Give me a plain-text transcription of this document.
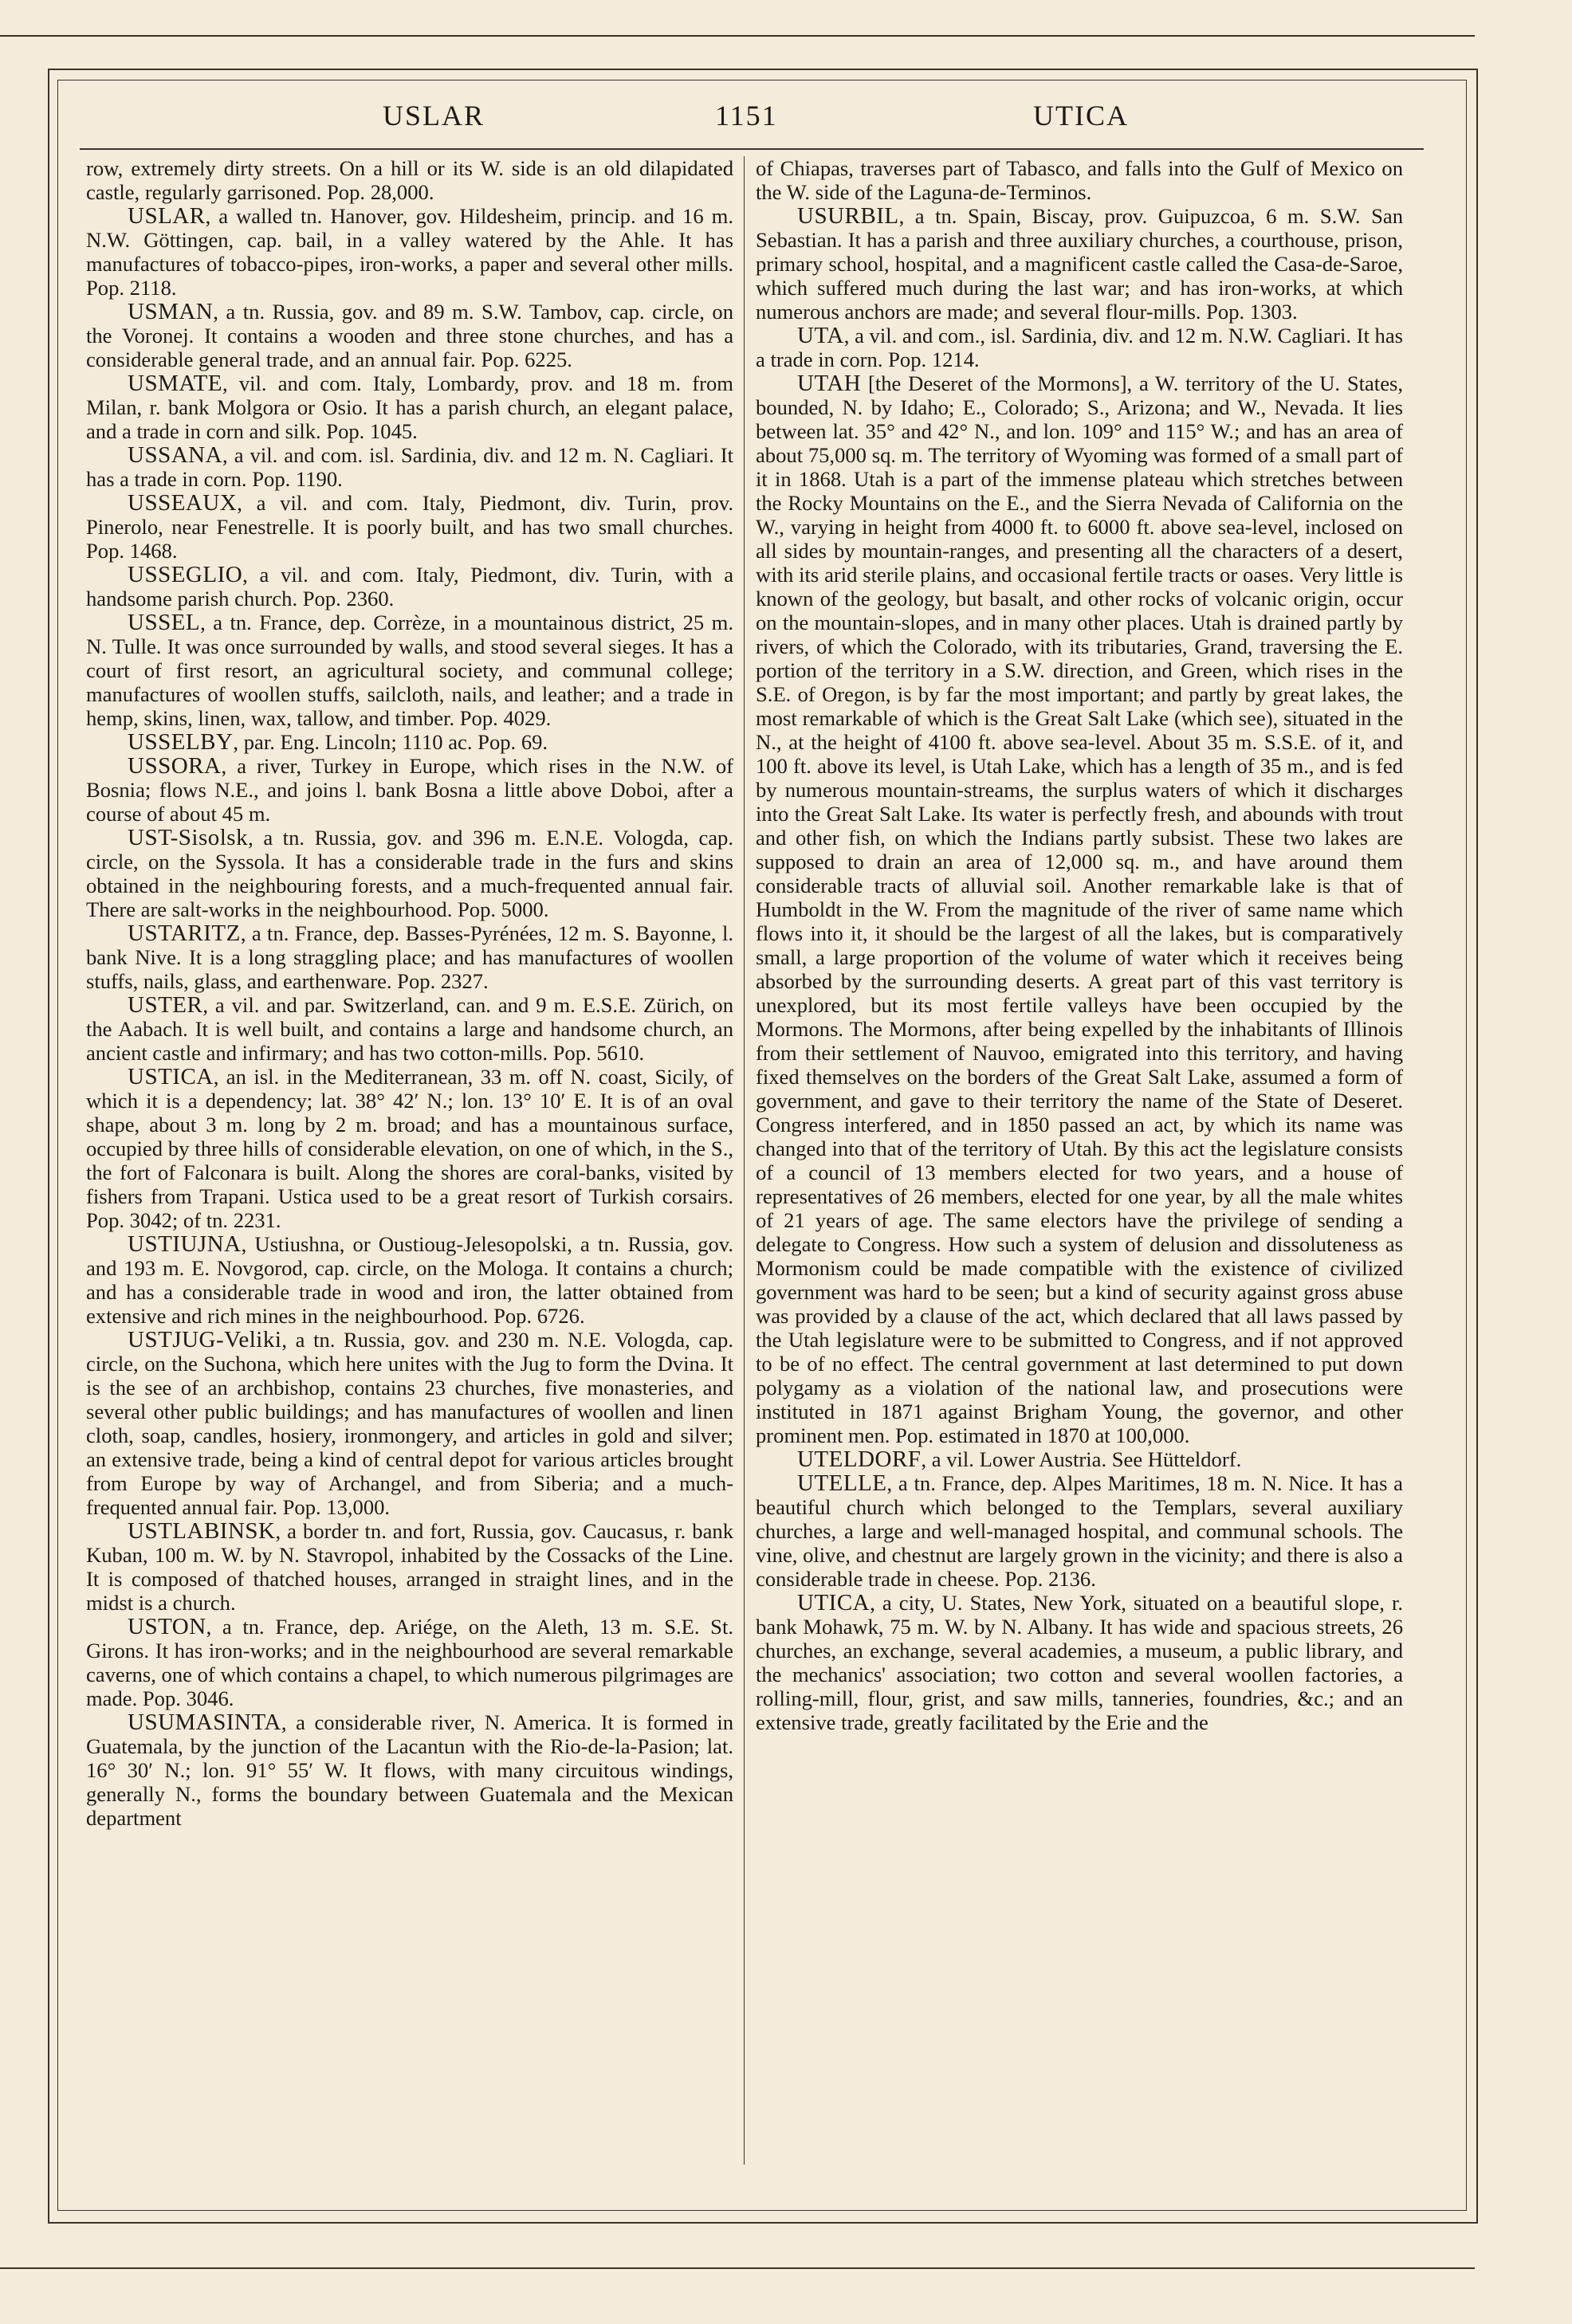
USLAR	1151	UTICA

row, extremely dirty streets. On a hill or its W. side is an old dilapidated castle, regularly garrisoned. Pop. 28,000.

USLAR, a walled tn. Hanover, gov. Hildesheim, princip. and 16 m. N.W. Göttingen, cap. bail, in a valley watered by the Ahle. It has manufactures of tobacco-pipes, iron-works, a paper and several other mills. Pop. 2118.

USMAN, a tn. Russia, gov. and 89 m. S.W. Tambov, cap. circle, on the Voronej. It contains a wooden and three stone churches, and has a considerable general trade, and an annual fair. Pop. 6225.

USMATE, vil. and com. Italy, Lombardy, prov. and 18 m. from Milan, r. bank Molgora or Osio. It has a parish church, an elegant palace, and a trade in corn and silk. Pop. 1045.

USSANA, a vil. and com. isl. Sardinia, div. and 12 m. N. Cagliari. It has a trade in corn. Pop. 1190.

USSEAUX, a vil. and com. Italy, Piedmont, div. Turin, prov. Pinerolo, near Fenestrelle. It is poorly built, and has two small churches. Pop. 1468.

USSEGLIO, a vil. and com. Italy, Piedmont, div. Turin, with a handsome parish church. Pop. 2360.

USSEL, a tn. France, dep. Corrèze, in a mountainous district, 25 m. N. Tulle. It was once surrounded by walls, and stood several sieges. It has a court of first resort, an agricultural society, and communal college; manufactures of woollen stuffs, sailcloth, nails, and leather; and a trade in hemp, skins, linen, wax, tallow, and timber. Pop. 4029.

USSELBY, par. Eng. Lincoln; 1110 ac. Pop. 69.

USSORA, a river, Turkey in Europe, which rises in the N.W. of Bosnia; flows N.E., and joins l. bank Bosna a little above Doboi, after a course of about 45 m.

UST-Sisolsk, a tn. Russia, gov. and 396 m. E.N.E. Vologda, cap. circle, on the Syssola. It has a considerable trade in the furs and skins obtained in the neighbouring forests, and a much-frequented annual fair. There are salt-works in the neighbourhood. Pop. 5000.

USTARITZ, a tn. France, dep. Basses-Pyrénées, 12 m. S. Bayonne, l. bank Nive. It is a long straggling place; and has manufactures of woollen stuffs, nails, glass, and earthenware. Pop. 2327.

USTER, a vil. and par. Switzerland, can. and 9 m. E.S.E. Zürich, on the Aabach. It is well built, and contains a large and handsome church, an ancient castle and infirmary; and has two cotton-mills. Pop. 5610.

USTICA, an isl. in the Mediterranean, 33 m. off N. coast, Sicily, of which it is a dependency; lat. 38° 42′ N.; lon. 13° 10′ E. It is of an oval shape, about 3 m. long by 2 m. broad; and has a mountainous surface, occupied by three hills of considerable elevation, on one of which, in the S., the fort of Falconara is built. Along the shores are coral-banks, visited by fishers from Trapani. Ustica used to be a great resort of Turkish corsairs. Pop. 3042; of tn. 2231.

USTIUJNA, Ustiushna, or Oustioug-Jelesopolski, a tn. Russia, gov. and 193 m. E. Novgorod, cap. circle, on the Mologa. It contains a church; and has a considerable trade in wood and iron, the latter obtained from extensive and rich mines in the neighbourhood. Pop. 6726.

USTJUG-Veliki, a tn. Russia, gov. and 230 m. N.E. Vologda, cap. circle, on the Suchona, which here unites with the Jug to form the Dvina. It is the see of an archbishop, contains 23 churches, five monasteries, and several other public buildings; and has manufactures of woollen and linen cloth, soap, candles, hosiery, ironmongery, and articles in gold and silver; an extensive trade, being a kind of central depot for various articles brought from Europe by way of Archangel, and from Siberia; and a much-frequented annual fair. Pop. 13,000.

USTLABINSK, a border tn. and fort, Russia, gov. Caucasus, r. bank Kuban, 100 m. W. by N. Stavropol, inhabited by the Cossacks of the Line. It is composed of thatched houses, arranged in straight lines, and in the midst is a church.

USTON, a tn. France, dep. Ariége, on the Aleth, 13 m. S.E. St. Girons. It has iron-works; and in the neighbourhood are several remarkable caverns, one of which contains a chapel, to which numerous pilgrimages are made. Pop. 3046.

USUMASINTA, a considerable river, N. America. It is formed in Guatemala, by the junction of the Lacantun with the Rio-de-la-Pasion; lat. 16° 30′ N.; lon. 91° 55′ W. It flows, with many circuitous windings, generally N., forms the boundary between Guatemala and the Mexican department

of Chiapas, traverses part of Tabasco, and falls into the Gulf of Mexico on the W. side of the Laguna-de-Terminos.

USURBIL, a tn. Spain, Biscay, prov. Guipuzcoa, 6 m. S.W. San Sebastian. It has a parish and three auxiliary churches, a courthouse, prison, primary school, hospital, and a magnificent castle called the Casa-de-Saroe, which suffered much during the last war; and has iron-works, at which numerous anchors are made; and several flour-mills. Pop. 1303.

UTA, a vil. and com., isl. Sardinia, div. and 12 m. N.W. Cagliari. It has a trade in corn. Pop. 1214.

UTAH [the Deseret of the Mormons], a W. territory of the U. States, bounded, N. by Idaho; E., Colorado; S., Arizona; and W., Nevada. It lies between lat. 35° and 42° N., and lon. 109° and 115° W.; and has an area of about 75,000 sq. m. The territory of Wyoming was formed of a small part of it in 1868. Utah is a part of the immense plateau which stretches between the Rocky Mountains on the E., and the Sierra Nevada of California on the W., varying in height from 4000 ft. to 6000 ft. above sea-level, inclosed on all sides by mountain-ranges, and presenting all the characters of a desert, with its arid sterile plains, and occasional fertile tracts or oases. Very little is known of the geology, but basalt, and other rocks of volcanic origin, occur on the mountain-slopes, and in many other places. Utah is drained partly by rivers, of which the Colorado, with its tributaries, Grand, traversing the E. portion of the territory in a S.W. direction, and Green, which rises in the S.E. of Oregon, is by far the most important; and partly by great lakes, the most remarkable of which is the Great Salt Lake (which see), situated in the N., at the height of 4100 ft. above sea-level. About 35 m. S.S.E. of it, and 100 ft. above its level, is Utah Lake, which has a length of 35 m., and is fed by numerous mountain-streams, the surplus waters of which it discharges into the Great Salt Lake. Its water is perfectly fresh, and abounds with trout and other fish, on which the Indians partly subsist. These two lakes are supposed to drain an area of 12,000 sq. m., and have around them considerable tracts of alluvial soil. Another remarkable lake is that of Humboldt in the W. From the magnitude of the river of same name which flows into it, it should be the largest of all the lakes, but is comparatively small, a large proportion of the volume of water which it receives being absorbed by the surrounding deserts. A great part of this vast territory is unexplored, but its most fertile valleys have been occupied by the Mormons. The Mormons, after being expelled by the inhabitants of Illinois from their settlement of Nauvoo, emigrated into this territory, and having fixed themselves on the borders of the Great Salt Lake, assumed a form of government, and gave to their territory the name of the State of Deseret. Congress interfered, and in 1850 passed an act, by which its name was changed into that of the territory of Utah. By this act the legislature consists of a council of 13 members elected for two years, and a house of representatives of 26 members, elected for one year, by all the male whites of 21 years of age. The same electors have the privilege of sending a delegate to Congress. How such a system of delusion and dissoluteness as Mormonism could be made compatible with the existence of civilized government was hard to be seen; but a kind of security against gross abuse was provided by a clause of the act, which declared that all laws passed by the Utah legislature were to be submitted to Congress, and if not approved to be of no effect. The central government at last determined to put down polygamy as a violation of the national law, and prosecutions were instituted in 1871 against Brigham Young, the governor, and other prominent men. Pop. estimated in 1870 at 100,000.

UTELDORF, a vil. Lower Austria. See Hütteldorf.

UTELLE, a tn. France, dep. Alpes Maritimes, 18 m. N. Nice. It has a beautiful church which belonged to the Templars, several auxiliary churches, a large and well-managed hospital, and communal schools. The vine, olive, and chestnut are largely grown in the vicinity; and there is also a considerable trade in cheese. Pop. 2136.

UTICA, a city, U. States, New York, situated on a beautiful slope, r. bank Mohawk, 75 m. W. by N. Albany. It has wide and spacious streets, 26 churches, an exchange, several academies, a museum, a public library, and the mechanics' association; two cotton and several woollen factories, a rolling-mill, flour, grist, and saw mills, tanneries, foundries, &c.; and an extensive trade, greatly facilitated by the Erie and the
